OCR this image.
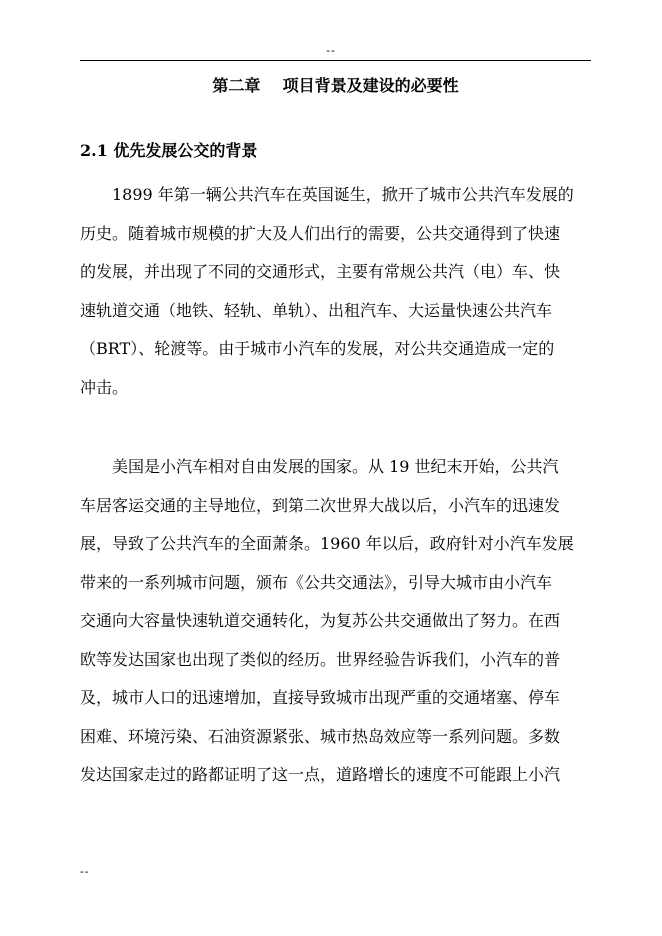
--
第二章    项目背景及建设的必要性
2.1 优先发展公交的背景
1899 年第一辆公共汽车在英国诞生，掀开了城市公共汽车发展的
历史。随着城市规模的扩大及人们出行的需要，公共交通得到了快速
的发展，并出现了不同的交通形式，主要有常规公共汽（电）车、快
速轨道交通（地铁、轻轨、单轨）、出租汽车、大运量快速公共汽车
（BRT）、轮渡等。由于城市小汽车的发展，对公共交通造成一定的
冲击。
美国是小汽车相对自由发展的国家。从 19 世纪末开始，公共汽
车居客运交通的主导地位，到第二次世界大战以后，小汽车的迅速发
展，导致了公共汽车的全面萧条。1960 年以后，政府针对小汽车发展
带来的一系列城市问题，颁布《公共交通法》，引导大城市由小汽车
交通向大容量快速轨道交通转化，为复苏公共交通做出了努力。在西
欧等发达国家也出现了类似的经历。世界经验告诉我们，小汽车的普
及，城市人口的迅速增加，直接导致城市出现严重的交通堵塞、停车
困难、环境污染、石油资源紧张、城市热岛效应等一系列问题。多数
发达国家走过的路都证明了这一点，道路增长的速度不可能跟上小汽
--
